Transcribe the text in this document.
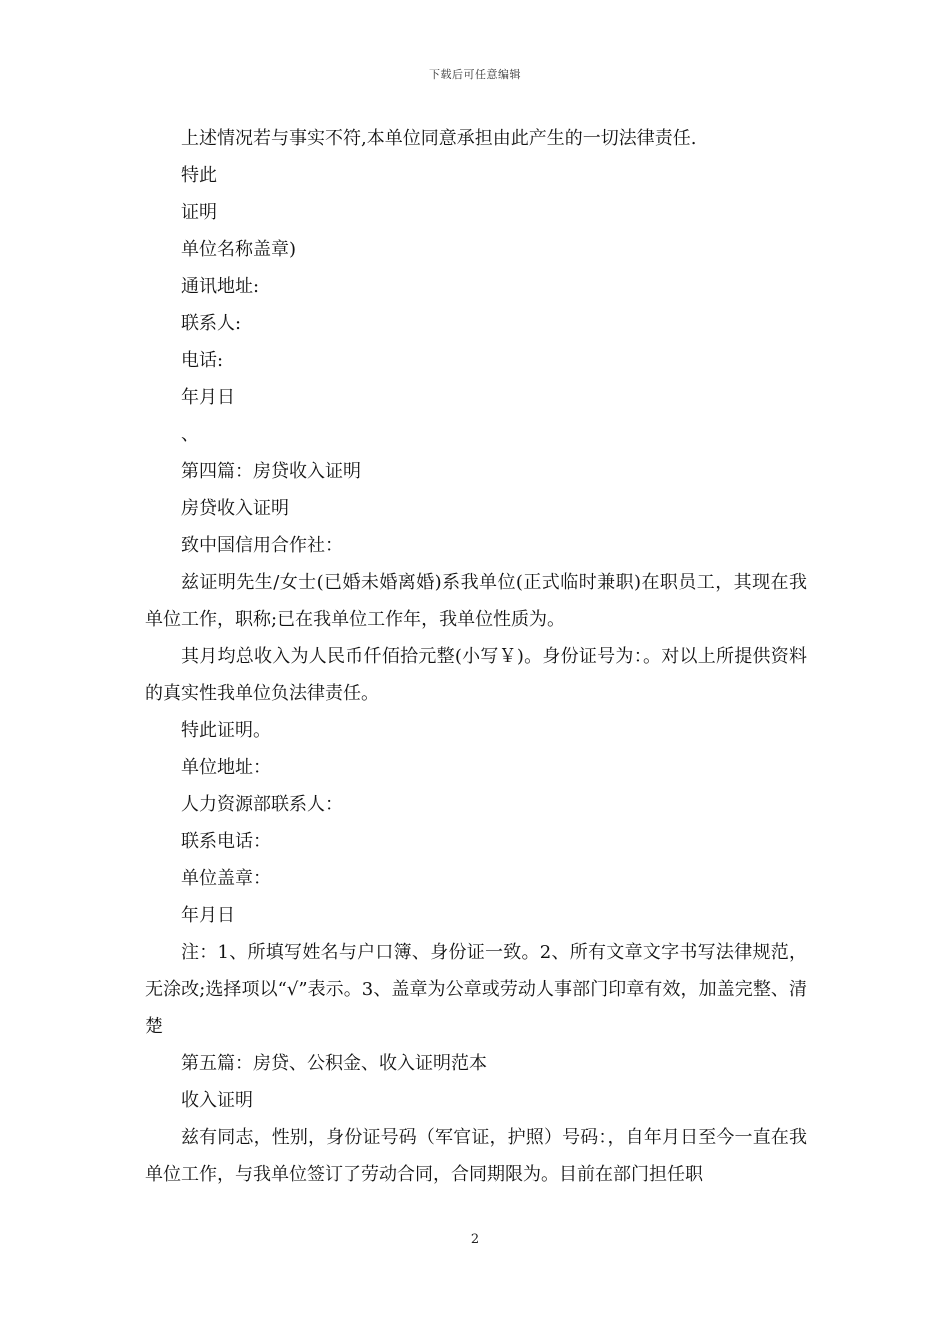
下载后可任意编辑
上述情况若与事实不符,本单位同意承担由此产生的一切法律责任.
特此
证明
单位名称盖章)
通讯地址:
联系人:
电话:
年月日
、
第四篇：房贷收入证明
房贷收入证明
致中国信用合作社：
兹证明先生/女士(已婚未婚离婚)系我单位(正式临时兼职)在职员工，其现在我单位工作，职称;已在我单位工作年，我单位性质为。
其月均总收入为人民币仟佰拾元整(小写￥)。身份证号为：。对以上所提供资料的真实性我单位负法律责任。
特此证明。
单位地址：
人力资源部联系人：
联系电话：
单位盖章：
年月日
注：1、所填写姓名与户口簿、身份证一致。2、所有文章文字书写法律规范，无涂改;选择项以“√”表示。3、盖章为公章或劳动人事部门印章有效，加盖完整、清楚
第五篇：房贷、公积金、收入证明范本
收入证明
兹有同志，性别，身份证号码（军官证，护照）号码：，自年月日至今一直在我单位工作，与我单位签订了劳动合同，合同期限为。目前在部门担任职
2
